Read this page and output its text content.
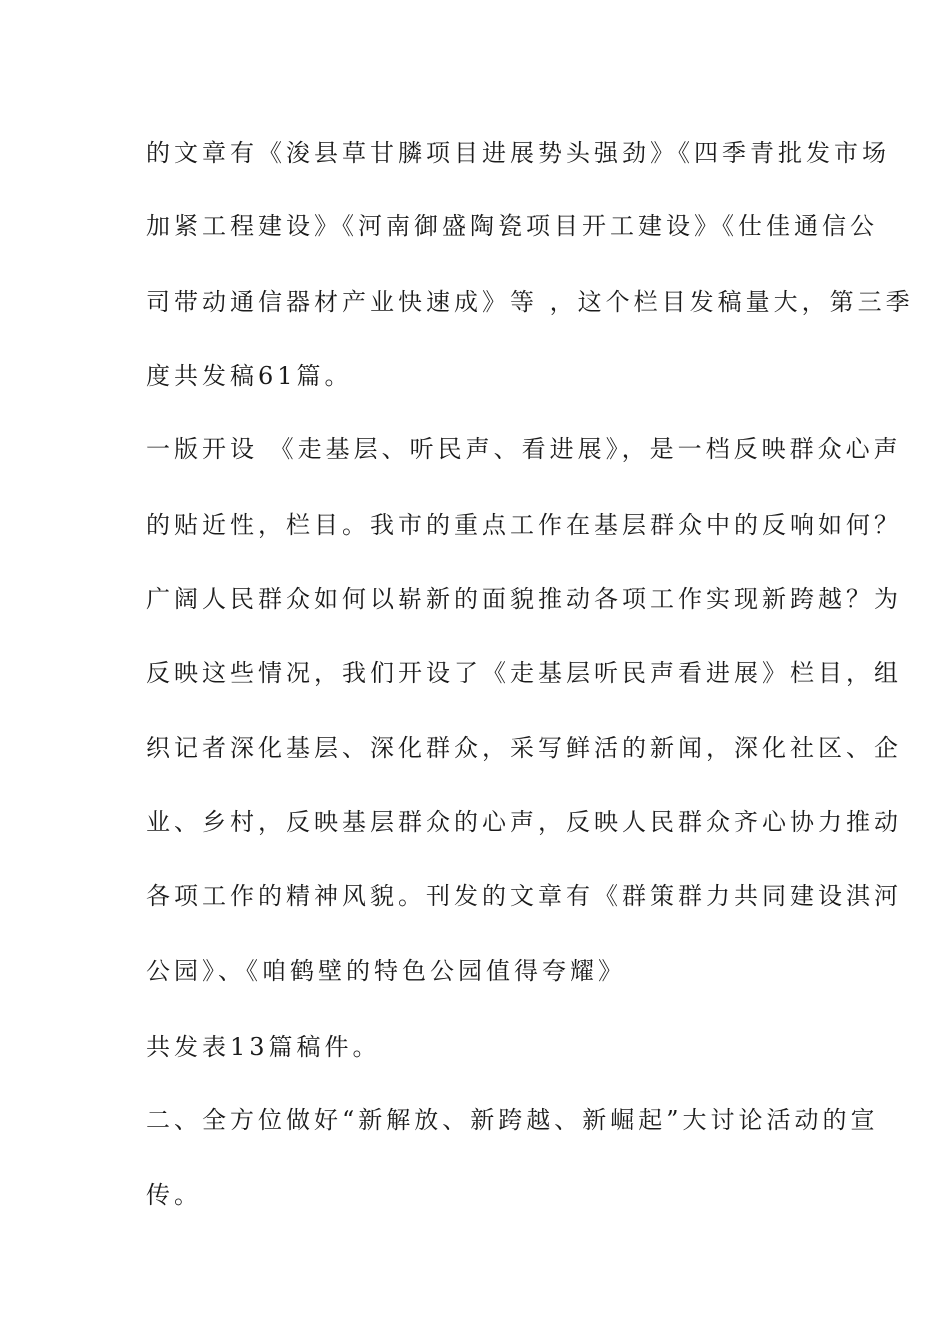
的文章有《浚县草甘膦项目进展势头强劲》《四季青批发市场
加紧工程建设》《河南御盛陶瓷项目开工建设》《仕佳通信公
司带动通信器材产业快速成》等 ，这个栏目发稿量大，第三季
度共发稿61篇。
一版开设 《走基层、听民声、看进展》，是一档反映群众心声
的贴近性，栏目。我市的重点工作在基层群众中的反响如何？
广阔人民群众如何以崭新的面貌推动各项工作实现新跨越？为
反映这些情况，我们开设了《走基层听民声看进展》栏目，组
织记者深化基层、深化群众，采写鲜活的新闻，深化社区、企
业、乡村，反映基层群众的心声，反映人民群众齐心协力推动
各项工作的精神风貌。刊发的文章有《群策群力共同建设淇河
公园》、《咱鹤壁的特色公园值得夸耀》
共发表13篇稿件。
二、全方位做好“新解放、新跨越、新崛起”大讨论活动的宣
传。
